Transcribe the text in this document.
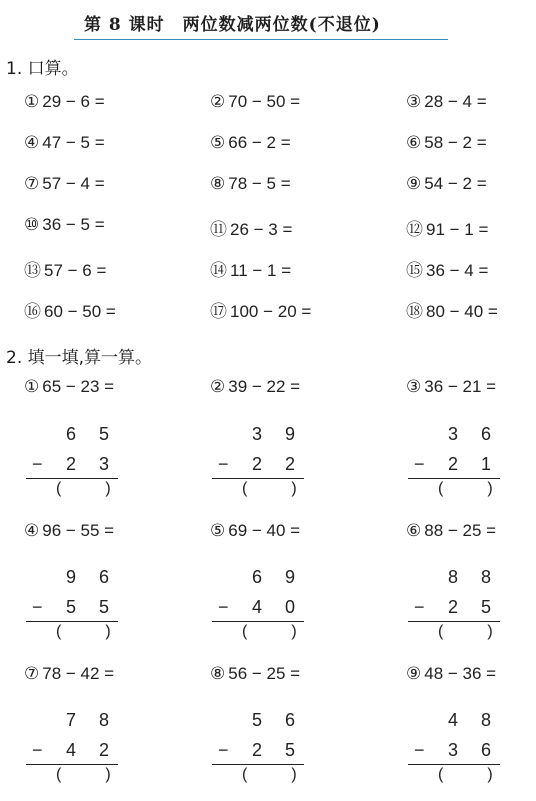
第 8 课时　两位数减两位数(不退位)
1. 口算。
① 29 − 6 =	② 70 − 50 =	③ 28 − 4 =
④ 47 − 5 =	⑤ 66 − 2 =	⑥ 58 − 2 =
⑦ 57 − 4 =	⑧ 78 − 5 =	⑨ 54 − 2 =
⑩ 36 − 5 =	⑪ 26 − 3 =	⑫ 91 − 1 =
⑬ 57 − 6 =	⑭ 11 − 1 =	⑮ 36 − 4 =
⑯ 60 − 50 =	⑰ 100 − 20 =	⑱ 80 − 40 =
2. 填一填,算一算。
① 65 − 23 =
6 5
− 2 3
(	)
② 39 − 22 =
3 9
− 2 2
(	)
③ 36 − 21 =
3 6
− 2 1
(	)
④ 96 − 55 =
9 6
− 5 5
(	)
⑤ 69 − 40 =
6 9
− 4 0
(	)
⑥ 88 − 25 =
8 8
− 2 5
(	)
⑦ 78 − 42 =
7 8
− 4 2
(	)
⑧ 56 − 25 =
5 6
− 2 5
(	)
⑨ 48 − 36 =
4 8
− 3 6
(	)
